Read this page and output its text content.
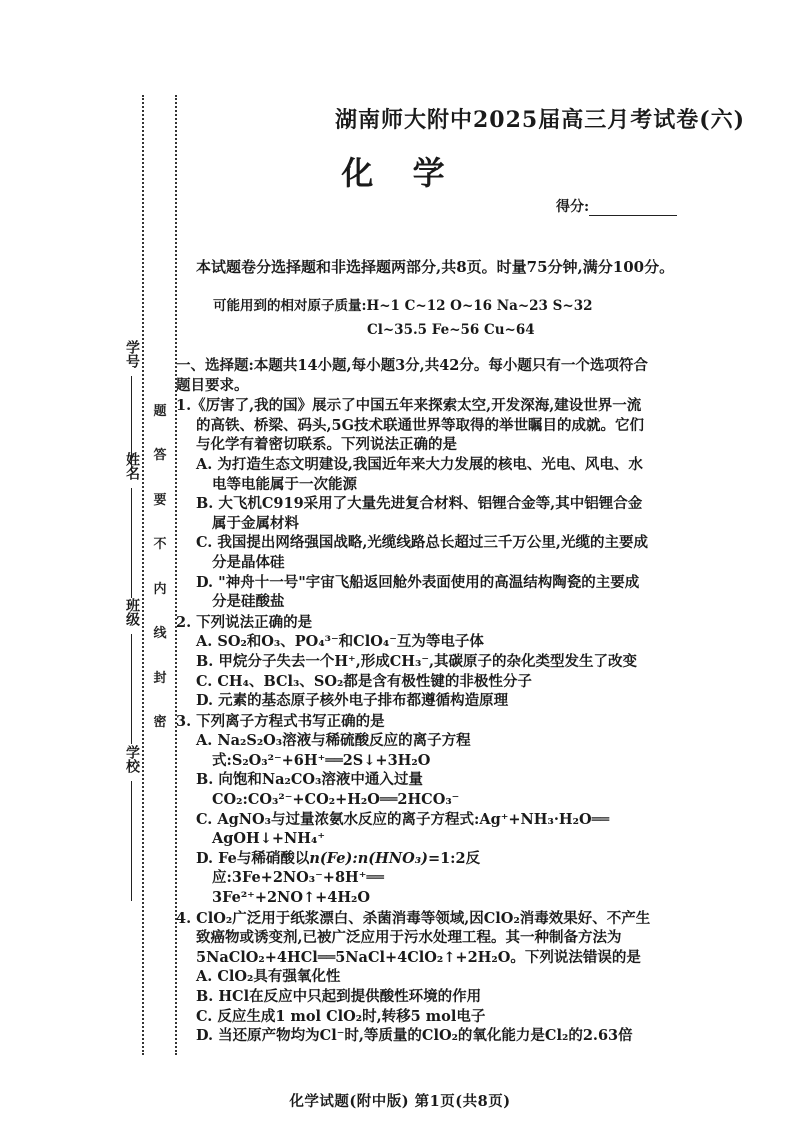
学号
姓名
班级
学校
题
答
要
不
内
线
封
密
湖南师大附中2025届高三月考试卷(六)
化 学
得分:
本试题卷分选择题和非选择题两部分,共8页。时量75分钟,满分100分。
可能用到的相对原子质量:H~1 C~12 O~16 Na~23 S~32
Cl~35.5 Fe~56 Cu~64
一、选择题:本题共14小题,每小题3分,共42分。每小题只有一个选项符合题目要求。
1.《厉害了,我的国》展示了中国五年来探索太空,开发深海,建设世界一流的高铁、桥梁、码头,5G技术联通世界等取得的举世瞩目的成就。它们与化学有着密切联系。下列说法正确的是
A. 为打造生态文明建设,我国近年来大力发展的核电、光电、风电、水电等电能属于一次能源
B. 大飞机C919采用了大量先进复合材料、铝锂合金等,其中铝锂合金属于金属材料
C. 我国提出网络强国战略,光缆线路总长超过三千万公里,光缆的主要成分是晶体硅
D. "神舟十一号"宇宙飞船返回舱外表面使用的高温结构陶瓷的主要成分是硅酸盐
2. 下列说法正确的是
A. SO₂和O₃、PO₄³⁻和ClO₄⁻互为等电子体
B. 甲烷分子失去一个H⁺,形成CH₃⁻,其碳原子的杂化类型发生了改变
C. CH₄、BCl₃、SO₂都是含有极性键的非极性分子
D. 元素的基态原子核外电子排布都遵循构造原理
3. 下列离子方程式书写正确的是
A. Na₂S₂O₃溶液与稀硫酸反应的离子方程式:S₂O₃²⁻+6H⁺══2S↓+3H₂O
B. 向饱和Na₂CO₃溶液中通入过量CO₂:CO₃²⁻+CO₂+H₂O══2HCO₃⁻
C. AgNO₃与过量浓氨水反应的离子方程式:Ag⁺+NH₃·H₂O══
AgOH↓+NH₄⁺
D. Fe与稀硝酸以n(Fe):n(HNO₃)=1:2反应:3Fe+2NO₃⁻+8H⁺══
3Fe²⁺+2NO↑+4H₂O
4. ClO₂广泛用于纸浆漂白、杀菌消毒等领域,因ClO₂消毒效果好、不产生致癌物或诱变剂,已被广泛应用于污水处理工程。其一种制备方法为5NaClO₂+4HCl══5NaCl+4ClO₂↑+2H₂O。下列说法错误的是
A. ClO₂具有强氧化性
B. HCl在反应中只起到提供酸性环境的作用
C. 反应生成1 mol ClO₂时,转移5 mol电子
D. 当还原产物均为Cl⁻时,等质量的ClO₂的氧化能力是Cl₂的2.63倍
化学试题(附中版) 第1页(共8页)
